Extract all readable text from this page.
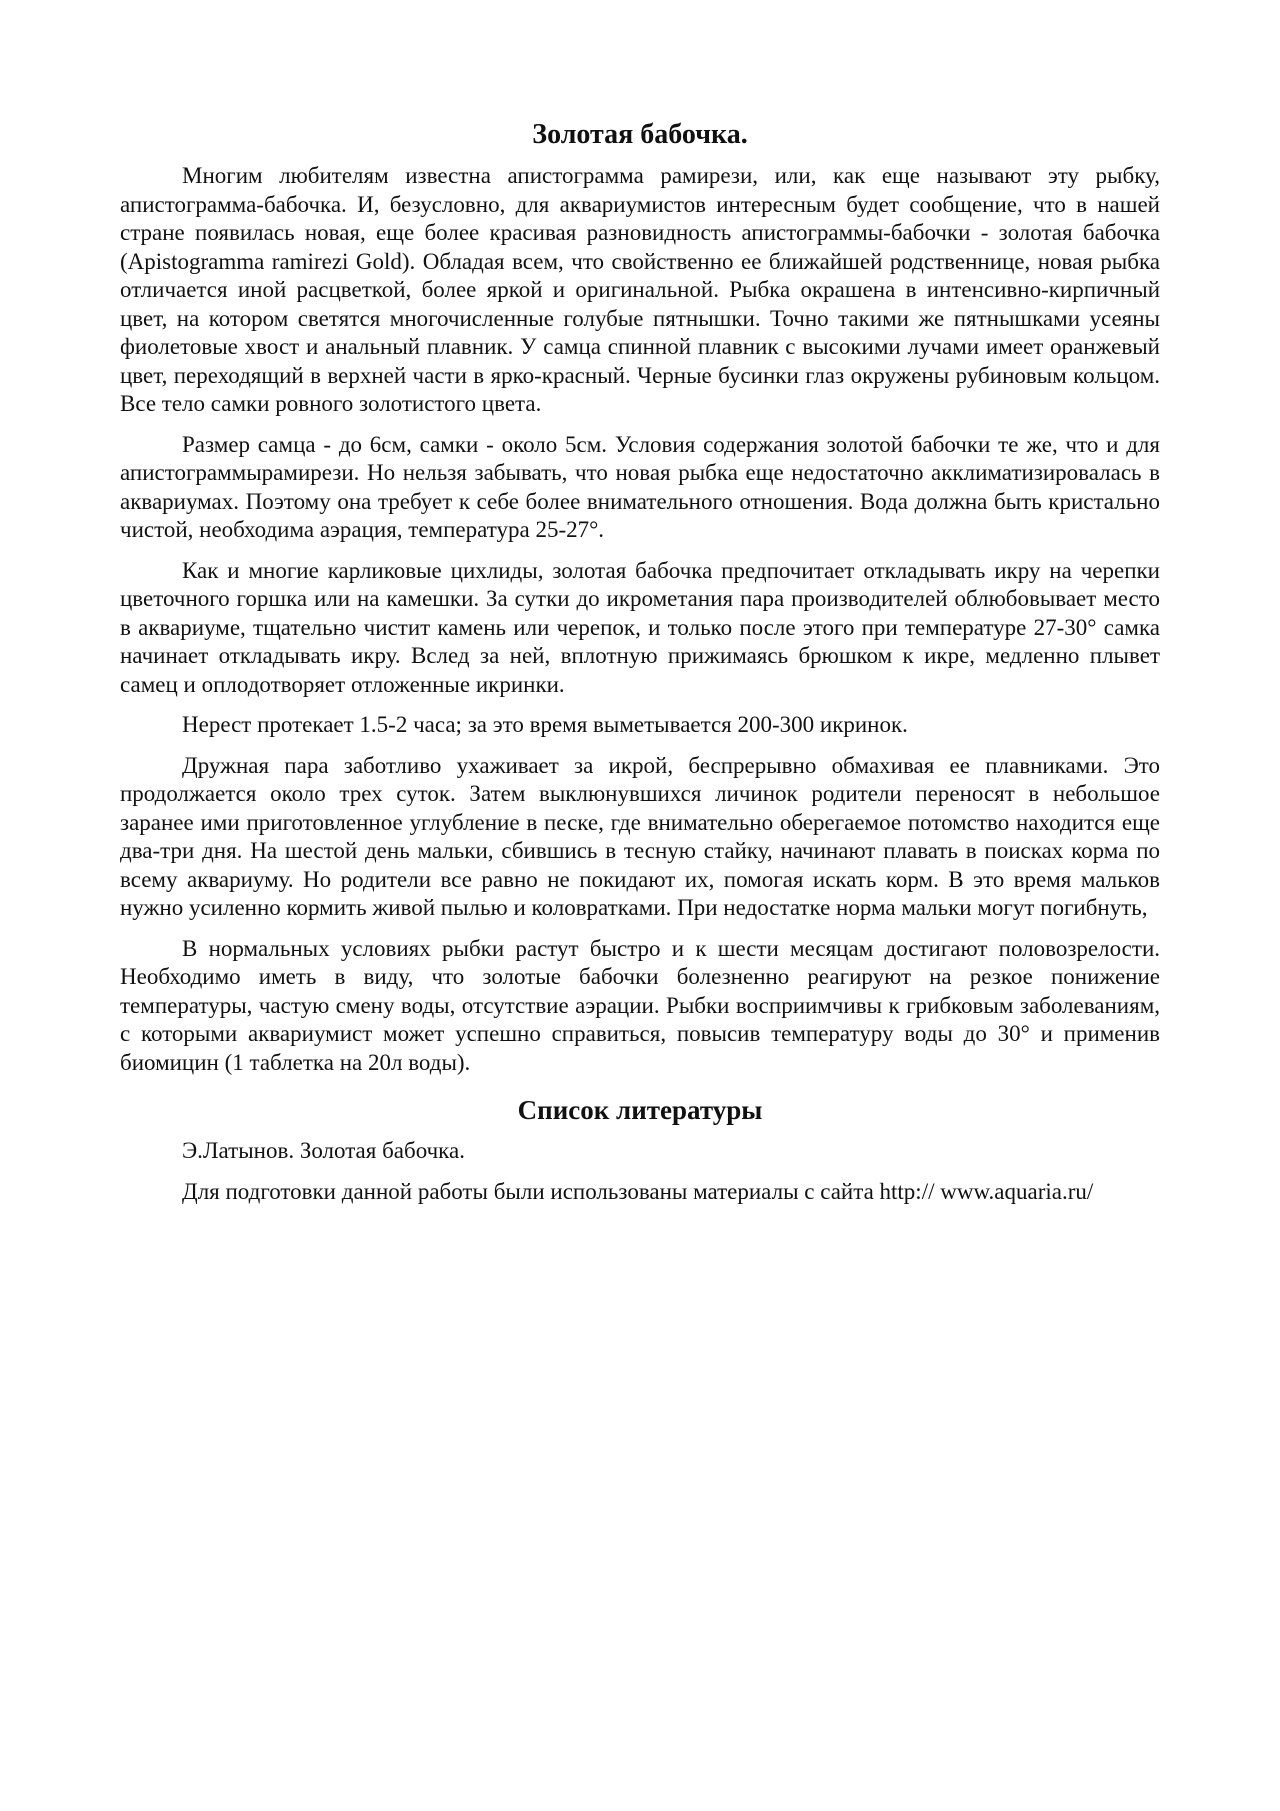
Золотая бабочка.

Многим любителям известна апистограмма рамирези, или, как еще называют эту рыбку, апистограмма-бабочка. И, безусловно, для аквариумистов интересным будет сообщение, что в нашей стране появилась новая, еще более красивая разновидность апистограммы-бабочки - золотая бабочка (Apistogramma ramirezi Gold). Обладая всем, что свойственно ее ближайшей родственнице, новая рыбка отличается иной расцветкой, более яркой и оригинальной. Рыбка окрашена в интенсивно-кирпичный цвет, на котором светятся многочисленные голубые пятнышки. Точно такими же пятнышками усеяны фиолетовые хвост и анальный плавник. У самца спинной плавник с высокими лучами имеет оранжевый цвет, переходящий в верхней части в ярко-красный. Черные бусинки глаз окружены рубиновым кольцом. Все тело самки ровного золотистого цвета.

Размер самца - до 6см, самки - около 5см. Условия содержания золотой бабочки те же, что и для апистограммырамирези. Но нельзя забывать, что новая рыбка еще недостаточно акклиматизировалась в аквариумах. Поэтому она требует к себе более внимательного отношения. Вода должна быть кристально чистой, необходима аэрация, температура 25-27°.

Как и многие карликовые цихлиды, золотая бабочка предпочитает откладывать икру на черепки цветочного горшка или на камешки. За сутки до икрометания пара производителей облюбовывает место в аквариуме, тщательно чистит камень или черепок, и только после этого при температуре 27-30° самка начинает откладывать икру. Вслед за ней, вплотную прижимаясь брюшком к икре, медленно плывет самец и оплодотворяет отложенные икринки.

Нерест протекает 1.5-2 часа; за это время выметывается 200-300 икринок.

Дружная пара заботливо ухаживает за икрой, беспрерывно обмахивая ее плавниками. Это продолжается около трех суток. Затем выклюнувшихся личинок родители переносят в небольшое заранее ими приготовленное углубление в песке, где внимательно оберегаемое потомство находится еще два-три дня. На шестой день мальки, сбившись в тесную стайку, начинают плавать в поисках корма по всему аквариуму. Но родители все равно не покидают их, помогая искать корм. В это время мальков нужно усиленно кормить живой пылью и коловратками. При недостатке норма мальки могут погибнуть,

В нормальных условиях рыбки растут быстро и к шести месяцам достигают половозрелости. Необходимо иметь в виду, что золотые бабочки болезненно реагируют на резкое понижение температуры, частую смену воды, отсутствие аэрации. Рыбки восприимчивы к грибковым заболеваниям, с которыми аквариумист может успешно справиться, повысив температуру воды до 30° и применив биомицин (1 таблетка на 20л воды).

Список литературы

Э.Латынов. Золотая бабочка.

Для подготовки данной работы были использованы материалы с сайта http:// www.aquaria.ru/
